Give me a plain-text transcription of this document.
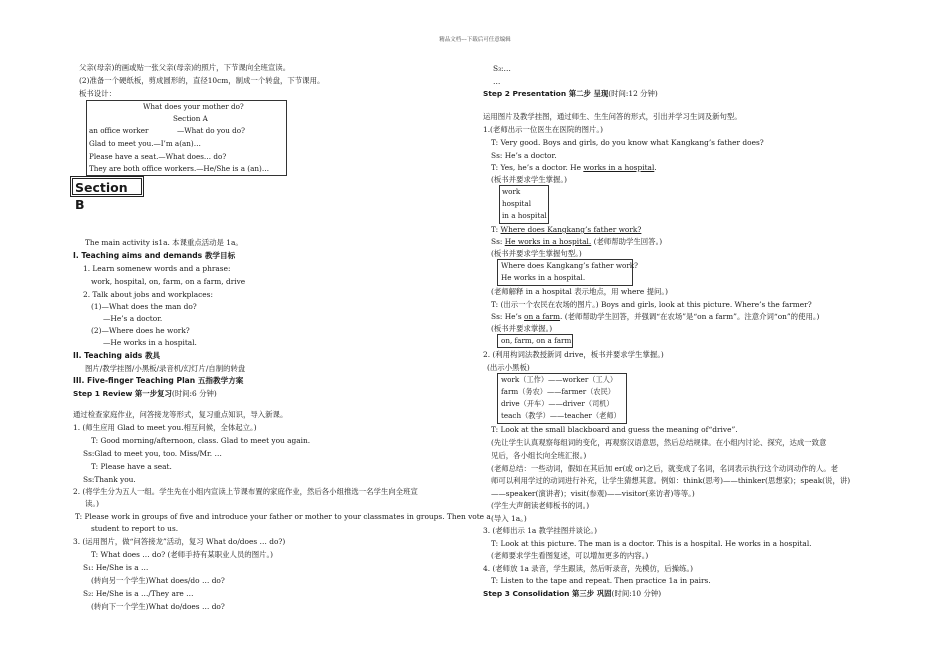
精品文档---下载后可任意编辑
父亲(母亲)的画或贴一张父亲(母亲)的照片，下节课向全班宣读。
(2)准备一个硬纸板，剪成圆形的，直径10cm，制成一个转盘，下节课用。
板书设计：
What does your mother do?
Section A
an office worker	—What do you do?
Glad to meet you.—I’m a(an)…
Please have a seat.—What does… do?
They are both office workers.—He/She is a (an)…
Section B
The main activity is1a. 本课重点活动是 1a。
I. Teaching aims and demands 教学目标
1. Learn somenew words and a phrase:
work, hospital, on, farm, on a farm, drive
2. Talk about jobs and workplaces:
(1)—What does the man do?
—He’s a doctor.
(2)—Where does he work?
—He works in a hospital.
II. Teaching aids 教具
图片/教学挂图/小黑板/录音机/幻灯片/自制的转盘
III. Five-finger Teaching Plan 五指教学方案
Step 1 Review 第一步复习(时间:6 分钟)
通过检查家庭作业，问答接龙等形式，复习重点知识，导入新课。
1. (师生应用 Glad to meet you.相互问候，全体起立。)
T: Good morning/afternoon, class. Glad to meet you again.
Ss:Glad to meet you, too. Miss/Mr. …
T: Please have a seat.
Ss:Thank you.
2. (将学生分为五人一组。学生先在小组内宣读上节课布置的家庭作业，然后各小组推选一名学生向全班宣
读。)
T: Please work in groups of five and introduce your father or mother to your classmates in groups. Then vote a
student to report to us.
3. (运用图片，做“问答接龙”活动，复习 What do/does … do?)
T: What does … do? (老师手持有某职业人员的图片。)
S₁: He/She is a …
(转向另一个学生)What does/do … do?
S₂: He/She is a …/They are …
(转向下一个学生)What do/does … do?
S₃:…
…
Step 2 Presentation 第二步 呈现(时间:12 分钟)
运用图片及教学挂图，通过师生、生生问答的形式，引出并学习生词及新句型。
1.(老师出示一位医生在医院的图片。)
T: Very good. Boys and girls, do you know what Kangkang’s father does?
Ss: He’s a doctor.
T: Yes, he’s a doctor. He works in a hospital.
(板书并要求学生掌握。)
work
hospital
in a hospital
T: Where does Kangkang’s father work?
Ss: He works in a hospital. (老师帮助学生回答。)
(板书并要求学生掌握句型。)
Where does Kangkang’s father work?
He works in a hospital.
(老师解释 in a hospital 表示地点，用 where 提问。)
T: (出示一个农民在农场的图片。) Boys and girls, look at this picture. Where’s the farmer?
Ss: He’s on a farm. (老师帮助学生回答，并强调“在农场”是“on a farm”。注意介词“on”的使用。)
(板书并要求掌握。)
on, farm, on a farm
2. (利用构词法教授新词 drive，板书并要求学生掌握。)
(出示小黑板)
work（工作）——worker（工人）
farm（务农）——farmer（农民）
drive（开车）——driver（司机）
teach（教学）——teacher（老师）
T: Look at the small blackboard and guess the meaning of“drive”.
(先让学生认真观察每组词的变化，再观察汉语意思，然后总结规律。在小组内讨论、探究，达成一致意
见后，各小组长向全班汇报。)
(老师总结：一些动词，假如在其后加 er(或 or)之后，就变成了名词，名词表示执行这个动词动作的人。老
师可以利用学过的动词进行补充，让学生猜想其意。例如：think(思考)——thinker(思想家)；speak(说，讲)
——speaker(演讲者)；visit(参观)——visitor(来访者)等等。)
(学生大声朗读老师板书的词。)
(导入 1a。)
3. (老师出示 1a 教学挂图并谈论。)
T: Look at this picture. The man is a doctor. This is a hospital. He works in a hospital.
(老师要求学生看图复述，可以增加更多的内容。)
4. (老师放 1a 录音，学生跟读，然后听录音，先模仿，后操练。)
T: Listen to the tape and repeat. Then practice 1a in pairs.
Step 3 Consolidation 第三步 巩固(时间:10 分钟)
